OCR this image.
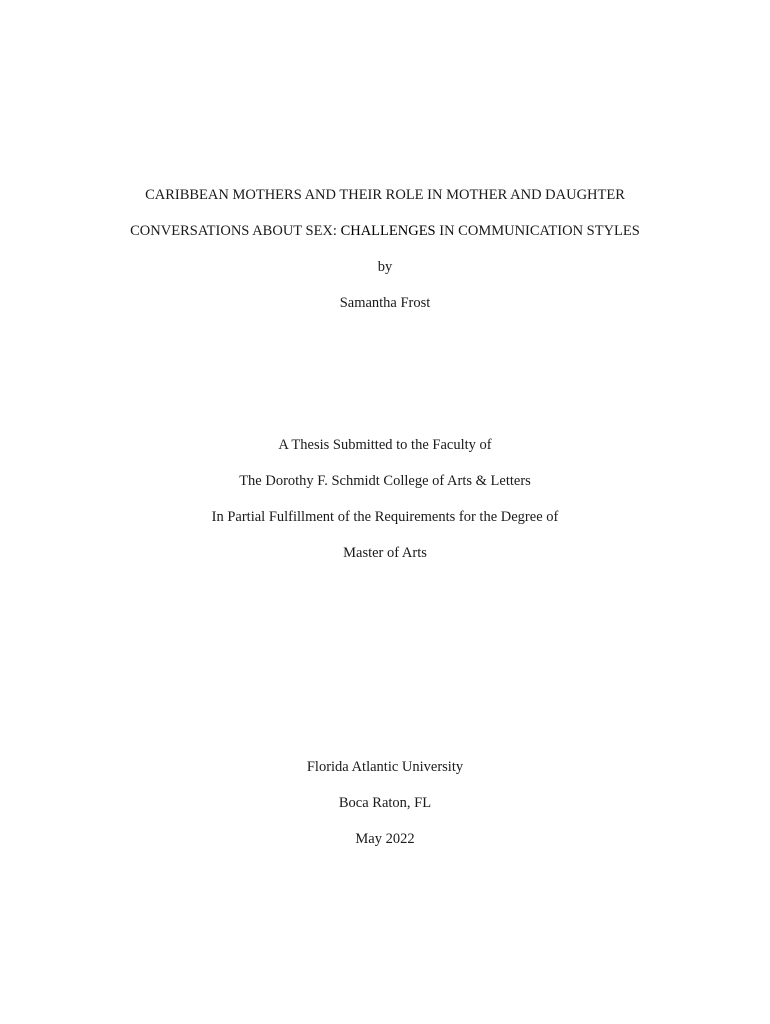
CARIBBEAN MOTHERS AND THEIR ROLE IN MOTHER AND DAUGHTER
CONVERSATIONS ABOUT SEX: CHALLENGES IN COMMUNICATION STYLES
by
Samantha Frost
A Thesis Submitted to the Faculty of
The Dorothy F. Schmidt College of Arts & Letters
In Partial Fulfillment of the Requirements for the Degree of
Master of Arts
Florida Atlantic University
Boca Raton, FL
May 2022
